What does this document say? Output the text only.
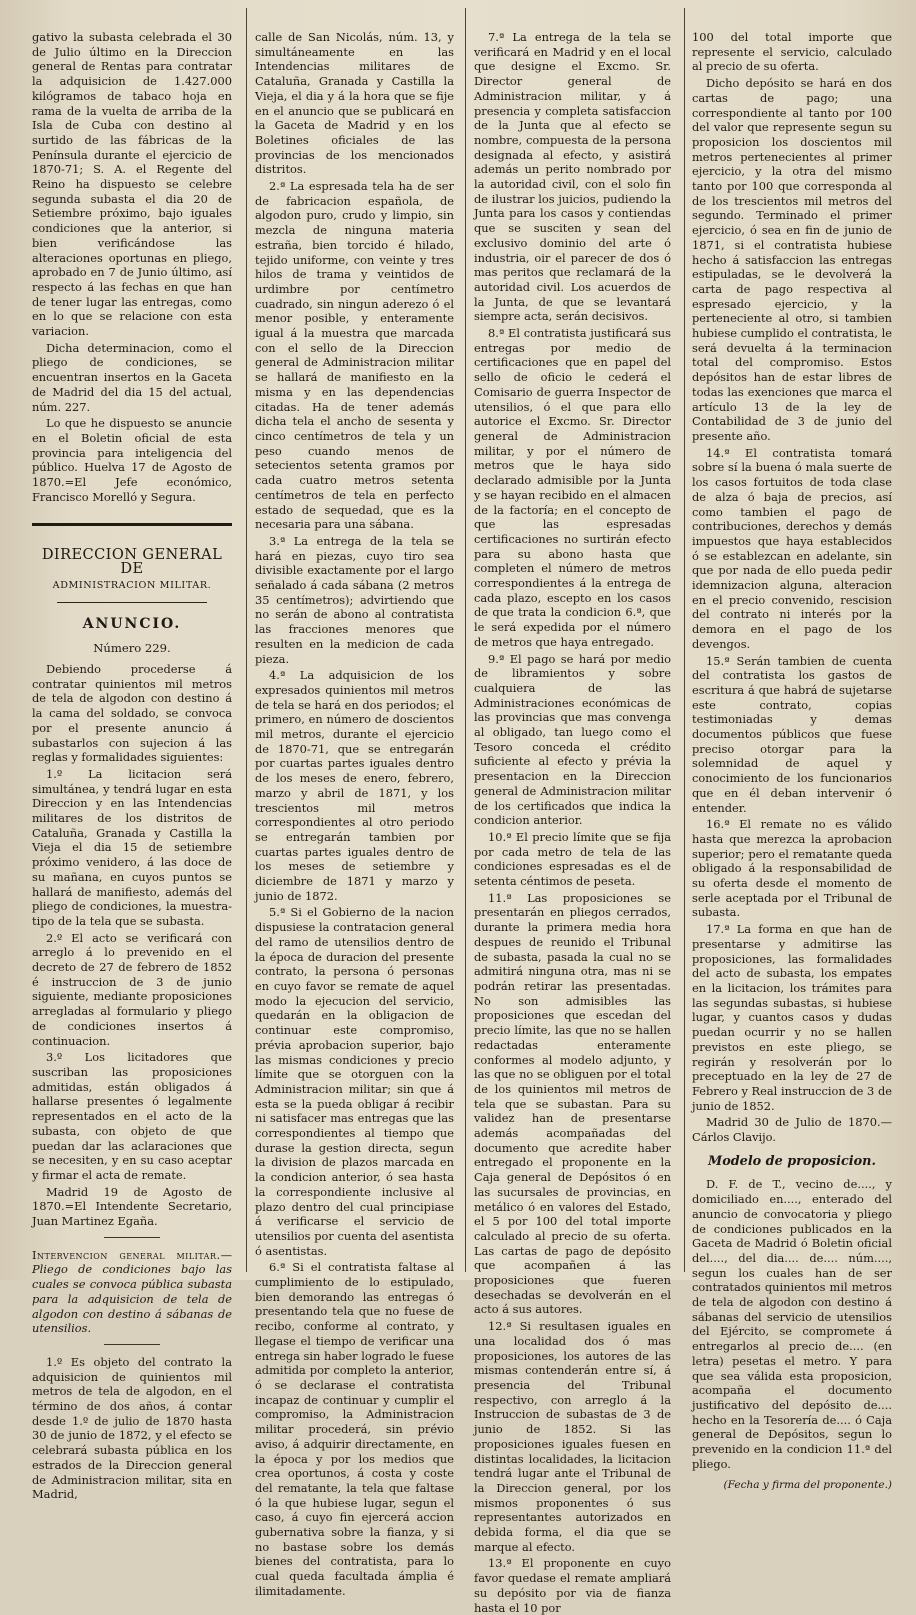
gativo la subasta celebrada el 30 de Julio último en la Direccion general de Rentas para contratar la adquisicion de 1.427.000 kilógramos de tabaco hoja en rama de la vuelta de arriba de la Isla de Cuba con destino al surtido de las fábricas de la Península durante el ejercicio de 1870-71; S. A. el Regente del Reino ha dispuesto se celebre segunda subasta el dia 20 de Setiembre próximo, bajo iguales condiciones que la anterior, si bien verificándose las alteraciones oportunas en pliego, aprobado en 7 de Junio último, así respecto á las fechas en que han de tener lugar las entregas, como en lo que se relacione con esta variacion.

Dicha determinacion, como el pliego de condiciones, se encuentran insertos en la Gaceta de Madrid del dia 15 del actual, núm. 227.

Lo que he dispuesto se anuncie en el Boletin oficial de esta provincia para inteligencia del público. Huelva 17 de Agosto de 1870.=El Jefe económico, Francisco Morelló y Segura.

DIRECCION GENERAL DE
ADMINISTRACION MILITAR.
ANUNCIO.
Número 229.

Debiendo procederse á contratar quinientos mil metros de tela de algodon con destino á la cama del soldado, se convoca por el presente anuncio á subastarlos con sujecion á las reglas y formalidades siguientes:

1.º La licitacion será simultánea, y tendrá lugar en esta Direccion y en las Intendencias militares de los distritos de Cataluña, Granada y Castilla la Vieja el dia 15 de setiembre próximo venidero, á las doce de su mañana, en cuyos puntos se hallará de manifiesto, además del pliego de condiciones, la muestra-tipo de la tela que se subasta.

2.º El acto se verificará con arreglo á lo prevenido en el decreto de 27 de febrero de 1852 é instruccion de 3 de junio siguiente, mediante proposiciones arregladas al formulario y pliego de condiciones insertos á continuacion.

3.º Los licitadores que suscriban las proposiciones admitidas, están obligados á hallarse presentes ó legalmente representados en el acto de la subasta, con objeto de que puedan dar las aclaraciones que se necesiten, y en su caso aceptar y firmar el acta de remate.

Madrid 19 de Agosto de 1870.=El Intendente Secretario, Juan Martinez Egaña.

Intervencion general militar.—Pliego de condiciones bajo las cuales se convoca pública subasta para la adquisicion de tela de algodon con destino á sábanas de utensilios.

1.º Es objeto del contrato la adquisicion de quinientos mil metros de tela de algodon, en el término de dos años, á contar desde 1.º de julio de 1870 hasta 30 de junio de 1872, y el efecto se celebrará subasta pública en los estrados de la Direccion general de Administracion militar, sita en Madrid,

calle de San Nicolás, núm. 13, y simultáneamente en las Intendencias militares de Cataluña, Granada y Castilla la Vieja, el dia y á la hora que se fije en el anuncio que se publicará en la Gaceta de Madrid y en los Boletines oficiales de las provincias de los mencionados distritos.

2.ª La espresada tela ha de ser de fabricacion española, de algodon puro, crudo y limpio, sin mezcla de ninguna materia estraña, bien torcido é hilado, tejido uniforme, con veinte y tres hilos de trama y veintidos de urdimbre por centímetro cuadrado, sin ningun aderezo ó el menor posible, y enteramente igual á la muestra que marcada con el sello de la Direccion general de Administracion militar se hallará de manifiesto en la misma y en las dependencias citadas. Ha de tener además dicha tela el ancho de sesenta y cinco centímetros de tela y un peso cuando menos de setecientos setenta gramos por cada cuatro metros setenta centímetros de tela en perfecto estado de sequedad, que es la necesaria para una sábana.

3.ª La entrega de la tela se hará en piezas, cuyo tiro sea divisible exactamente por el largo señalado á cada sábana (2 metros 35 centímetros); advirtiendo que no serán de abono al contratista las fracciones menores que resulten en la medicion de cada pieza.

4.ª La adquisicion de los expresados quinientos mil metros de tela se hará en dos periodos; el primero, en número de doscientos mil metros, durante el ejercicio de 1870-71, que se entregarán por cuartas partes iguales dentro de los meses de enero, febrero, marzo y abril de 1871, y los trescientos mil metros correspondientes al otro periodo se entregarán tambien por cuartas partes iguales dentro de los meses de setiembre y diciembre de 1871 y marzo y junio de 1872.

5.ª Si el Gobierno de la nacion dispusiese la contratacion general del ramo de utensilios dentro de la época de duracion del presente contrato, la persona ó personas en cuyo favor se remate de aquel modo la ejecucion del servicio, quedarán en la obligacion de continuar este compromiso, prévia aprobacion superior, bajo las mismas condiciones y precio límite que se otorguen con la Administracion militar; sin que á esta se la pueda obligar á recibir ni satisfacer mas entregas que las correspondientes al tiempo que durase la gestion directa, segun la division de plazos marcada en la condicion anterior, ó sea hasta la correspondiente inclusive al plazo dentro del cual principiase á verificarse el servicio de utensilios por cuenta del asentista ó asentistas.

6.ª Si el contratista faltase al cumplimiento de lo estipulado, bien demorando las entregas ó presentando tela que no fuese de recibo, conforme al contrato, y llegase el tiempo de verificar una entrega sin haber logrado le fuese admitida por completo la anterior, ó se declarase el contratista incapaz de continuar y cumplir el compromiso, la Administracion militar procederá, sin prévio aviso, á adquirir directamente, en la época y por los medios que crea oportunos, á costa y coste del rematante, la tela que faltase ó la que hubiese lugar, segun el caso, á cuyo fin ejercerá accion gubernativa sobre la fianza, y si no bastase sobre los demás bienes del contratista, para lo cual queda facultada ámplia é ilimitadamente.

7.ª La entrega de la tela se verificará en Madrid y en el local que designe el Excmo. Sr. Director general de Administracion militar, y á presencia y completa satisfaccion de la Junta que al efecto se nombre, compuesta de la persona designada al efecto, y asistirá además un perito nombrado por la autoridad civil, con el solo fin de ilustrar los juicios, pudiendo la Junta para los casos y contiendas que se susciten y sean del exclusivo dominio del arte ó industria, oir el parecer de dos ó mas peritos que reclamará de la autoridad civil. Los acuerdos de la Junta, de que se levantará siempre acta, serán decisivos.

8.ª El contratista justificará sus entregas por medio de certificaciones que en papel del sello de oficio le cederá el Comisario de guerra Inspector de utensilios, ó el que para ello autorice el Excmo. Sr. Director general de Administracion militar, y por el número de metros que le haya sido declarado admisible por la Junta y se hayan recibido en el almacen de la factoría; en el concepto de que las espresadas certificaciones no surtirán efecto para su abono hasta que completen el número de metros correspondientes á la entrega de cada plazo, escepto en los casos de que trata la condicion 6.ª, que le será expedida por el número de metros que haya entregado.

9.ª El pago se hará por medio de libramientos y sobre cualquiera de las Administraciones económicas de las provincias que mas convenga al obligado, tan luego como el Tesoro conceda el crédito suficiente al efecto y prévia la presentacion en la Direccion general de Administracion militar de los certificados que indica la condicion anterior.

10.ª El precio límite que se fija por cada metro de tela de las condiciones espresadas es el de setenta céntimos de peseta.

11.ª Las proposiciones se presentarán en pliegos cerrados, durante la primera media hora despues de reunido el Tribunal de subasta, pasada la cual no se admitirá ninguna otra, mas ni se podrán retirar las presentadas. No son admisibles las proposiciones que escedan del precio límite, las que no se hallen redactadas enteramente conformes al modelo adjunto, y las que no se obliguen por el total de los quinientos mil metros de tela que se subastan. Para su validez han de presentarse además acompañadas del documento que acredite haber entregado el proponente en la Caja general de Depósitos ó en las sucursales de provincias, en metálico ó en valores del Estado, el 5 por 100 del total importe calculado al precio de su oferta. Las cartas de pago de depósito que acompañen á las proposiciones que fueren desechadas se devolverán en el acto á sus autores.

12.ª Si resultasen iguales en una localidad dos ó mas proposiciones, los autores de las mismas contenderán entre sí, á presencia del Tribunal respectivo, con arreglo á la Instruccion de subastas de 3 de junio de 1852. Si las proposiciones iguales fuesen en distintas localidades, la licitacion tendrá lugar ante el Tribunal de la Direccion general, por los mismos proponentes ó sus representantes autorizados en debida forma, el dia que se marque al efecto.

13.ª El proponente en cuyo favor quedase el remate ampliará su depósito por via de fianza hasta el 10 por

100 del total importe que represente el servicio, calculado al precio de su oferta.

Dicho depósito se hará en dos cartas de pago; una correspondiente al tanto por 100 del valor que represente segun su proposicion los doscientos mil metros pertenecientes al primer ejercicio, y la otra del mismo tanto por 100 que corresponda al de los trescientos mil metros del segundo. Terminado el primer ejercicio, ó sea en fin de junio de 1871, si el contratista hubiese hecho á satisfaccion las entregas estipuladas, se le devolverá la carta de pago respectiva al espresado ejercicio, y la perteneciente al otro, si tambien hubiese cumplido el contratista, le será devuelta á la terminacion total del compromiso. Estos depósitos han de estar libres de todas las exenciones que marca el artículo 13 de la ley de Contabilidad de 3 de junio del presente año.

14.ª El contratista tomará sobre sí la buena ó mala suerte de los casos fortuitos de toda clase de alza ó baja de precios, así como tambien el pago de contribuciones, derechos y demás impuestos que haya establecidos ó se establezcan en adelante, sin que por nada de ello pueda pedir idemnizacion alguna, alteracion en el precio convenido, rescision del contrato ni interés por la demora en el pago de los devengos.

15.ª Serán tambien de cuenta del contratista los gastos de escritura á que habrá de sujetarse este contrato, copias testimoniadas y demas documentos públicos que fuese preciso otorgar para la solemnidad de aquel y conocimiento de los funcionarios que en él deban intervenir ó entender.

16.ª El remate no es válido hasta que merezca la aprobacion superior; pero el rematante queda obligado á la responsabilidad de su oferta desde el momento de serle aceptada por el Tribunal de subasta.

17.ª La forma en que han de presentarse y admitirse las proposiciones, las formalidades del acto de subasta, los empates en la licitacion, los trámites para las segundas subastas, si hubiese lugar, y cuantos casos y dudas puedan ocurrir y no se hallen previstos en este pliego, se regirán y resolverán por lo preceptuado en la ley de 27 de Febrero y Real instruccion de 3 de junio de 1852.

Madrid 30 de Julio de 1870.— Cárlos Clavijo.

Modelo de proposicion.

D. F. de T., vecino de...., y domiciliado en...., enterado del anuncio de convocatoria y pliego de condiciones publicados en la Gaceta de Madrid ó Boletin oficial del...., del dia.... de.... núm...., segun los cuales han de ser contratados quinientos mil metros de tela de algodon con destino á sábanas del servicio de utensilios del Ejército, se compromete á entregarlos al precio de.... (en letra) pesetas el metro. Y para que sea válida esta proposicion, acompaña el documento justificativo del depósito de.... hecho en la Tesorería de.... ó Caja general de Depósitos, segun lo prevenido en la condicion 11.ª del pliego.

(Fecha y firma del proponente.)
